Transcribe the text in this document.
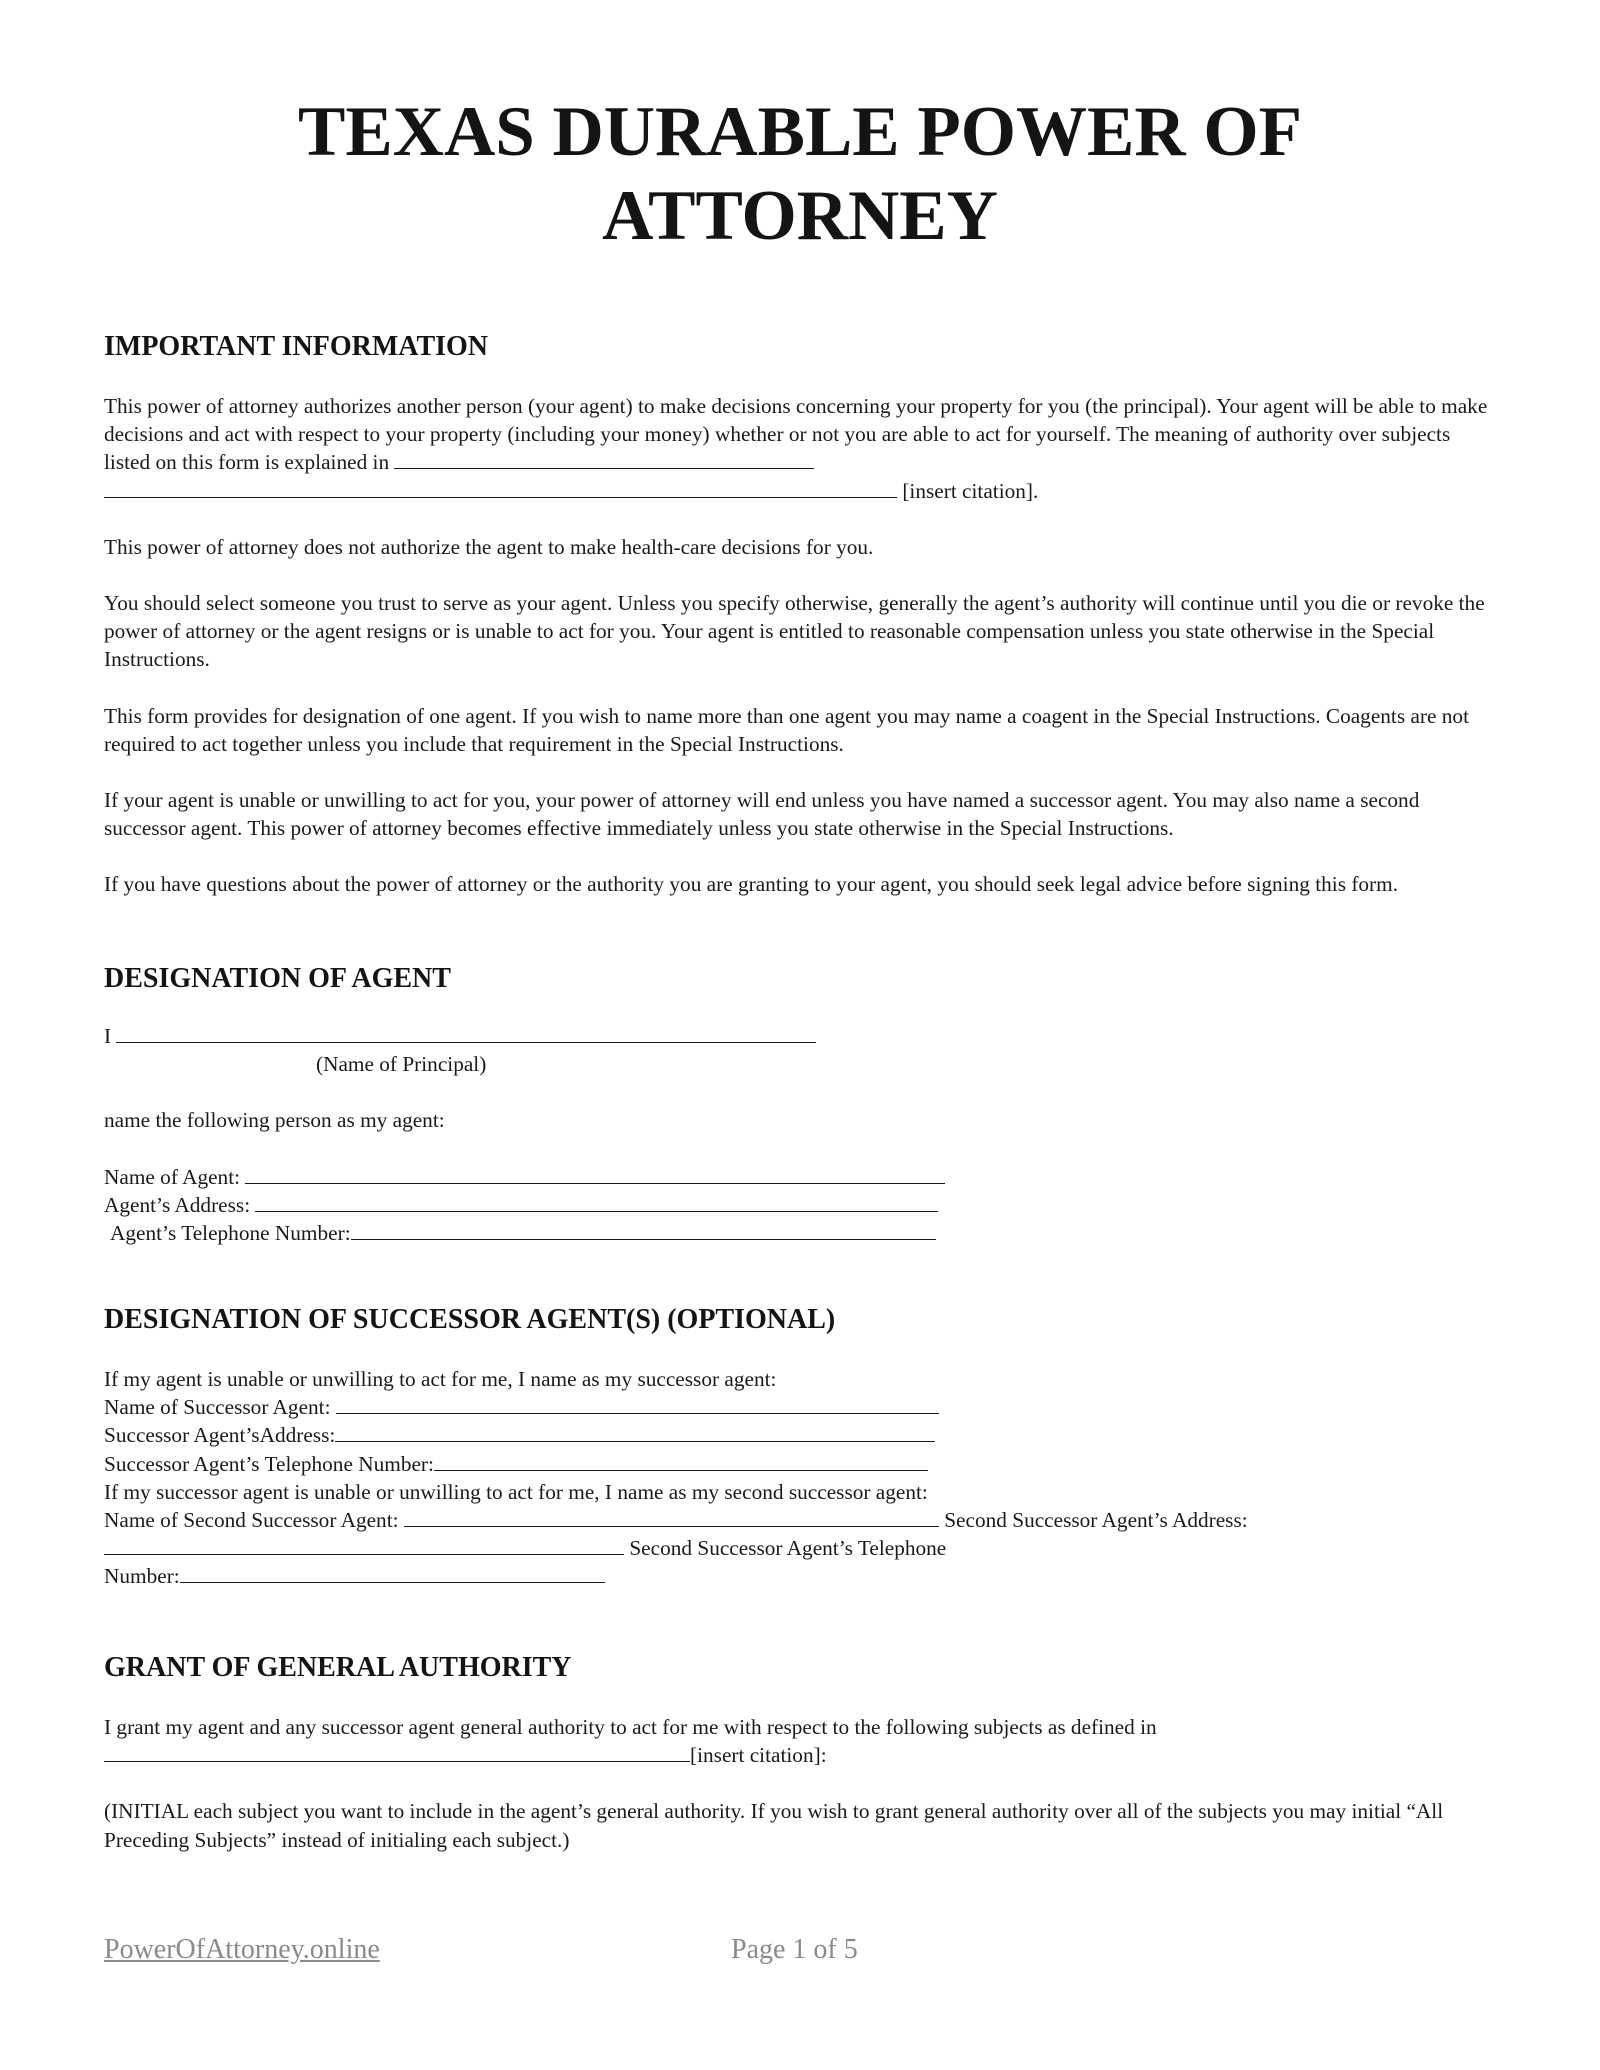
TEXAS DURABLE POWER OF
ATTORNEY
IMPORTANT INFORMATION

This power of attorney authorizes another person (your agent) to make decisions concerning your property for you (the principal). Your agent will be able to make decisions and act with respect to your property (including your money) whether or not you are able to act for yourself. The meaning of authority over subjects listed on this form is explained in
[insert citation].

This power of attorney does not authorize the agent to make health-care decisions for you.

You should select someone you trust to serve as your agent. Unless you specify otherwise, generally the agent’s authority will continue until you die or revoke the power of attorney or the agent resigns or is unable to act for you. Your agent is entitled to reasonable compensation unless you state otherwise in the Special Instructions.

This form provides for designation of one agent. If you wish to name more than one agent you may name a coagent in the Special Instructions. Coagents are not required to act together unless you include that requirement in the Special Instructions.

If your agent is unable or unwilling to act for you, your power of attorney will end unless you have named a successor agent. You may also name a second successor agent. This power of attorney becomes effective immediately unless you state otherwise in the Special Instructions.

If you have questions about the power of attorney or the authority you are granting to your agent, you should seek legal advice before signing this form.

DESIGNATION OF AGENT

I

(Name of Principal)

name the following person as my agent:

Name of Agent:

Agent’s Address:

Agent’s Telephone Number:

DESIGNATION OF SUCCESSOR AGENT(S) (OPTIONAL)

If my agent is unable or unwilling to act for me, I name as my successor agent:

Name of Successor Agent:

Successor Agent’sAddress:

Successor Agent’s Telephone Number:

If my successor agent is unable or unwilling to act for me, I name as my second successor agent:

Name of Second Successor Agent:	Second Successor Agent’s Address:

Second Successor Agent’s Telephone

Number:

GRANT OF GENERAL AUTHORITY

I grant my agent and any successor agent general authority to act for me with respect to the following subjects as defined in
[insert citation]:

(INITIAL each subject you want to include in the agent’s general authority. If you wish to grant general authority over all of the subjects you may initial “All Preceding Subjects” instead of initialing each subject.)

PowerOfAttorney.online	Page 1 of 5
